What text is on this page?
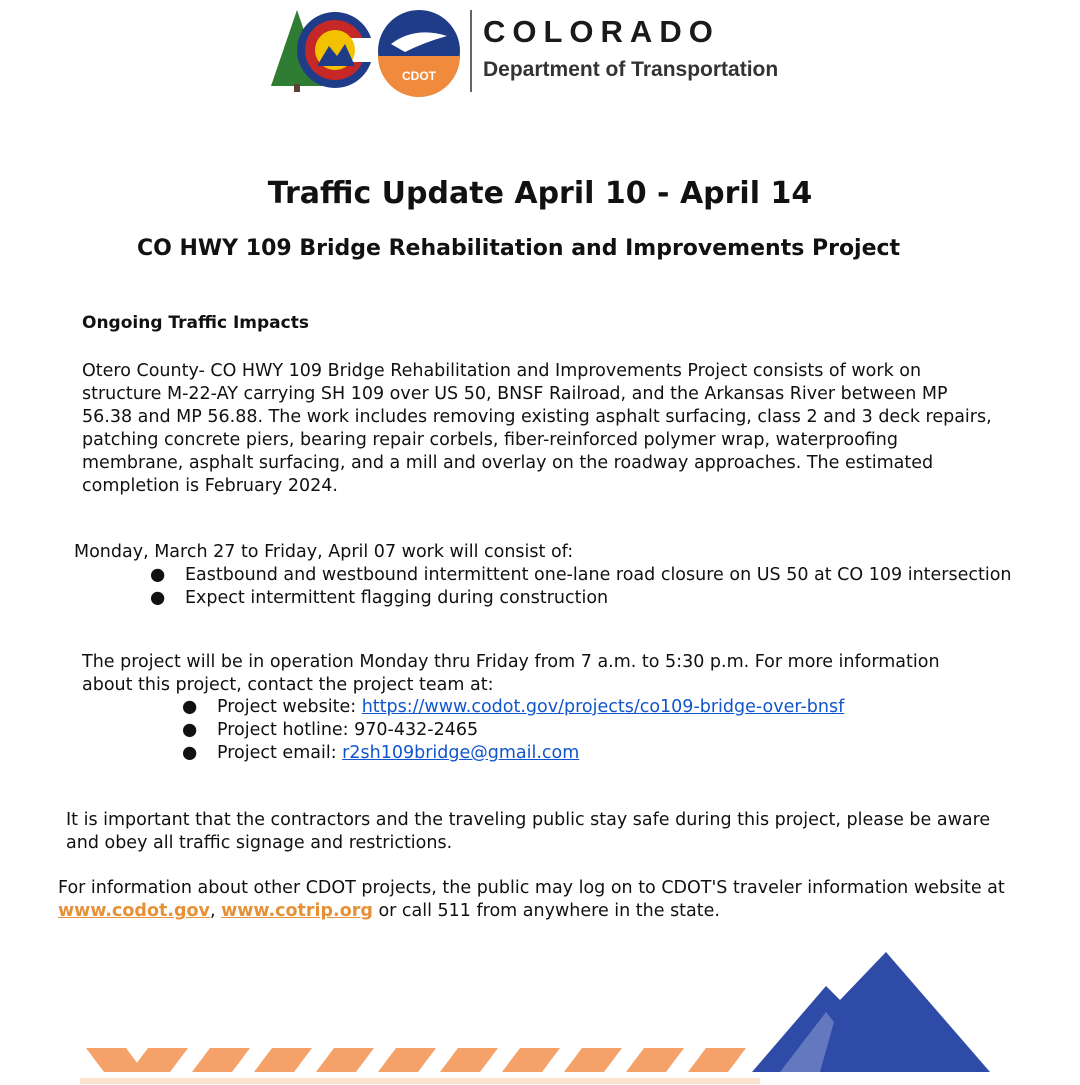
CDOT
COLORADO
Department of Transportation
Traffic Update April 10 - April 14
CO HWY 109 Bridge Rehabilitation and Improvements Project
Ongoing Traffic Impacts
Otero County- CO HWY 109 Bridge Rehabilitation and Improvements Project consists of work on structure M-22-AY carrying SH 109 over US 50, BNSF Railroad, and the Arkansas River between MP 56.38 and MP 56.88. The work includes removing existing asphalt surfacing, class 2 and 3 deck repairs, patching concrete piers, bearing repair corbels, fiber-reinforced polymer wrap, waterproofing membrane, asphalt surfacing, and a mill and overlay on the roadway approaches. The estimated completion is February 2024.
Monday, March 27 to Friday, April 07 work will consist of:
● Eastbound and westbound intermittent one-lane road closure on US 50 at CO 109 intersection
● Expect intermittent flagging during construction
The project will be in operation Monday thru Friday from 7 a.m. to 5:30 p.m. For more information about this project, contact the project team at:
● Project website: https://www.codot.gov/projects/co109-bridge-over-bnsf
● Project hotline: 970-432-2465
● Project email: r2sh109bridge@gmail.com
It is important that the contractors and the traveling public stay safe during this project, please be aware and obey all traffic signage and restrictions.
For information about other CDOT projects, the public may log on to CDOT'S traveler information website at www.codot.gov, www.cotrip.org or call 511 from anywhere in the state.
